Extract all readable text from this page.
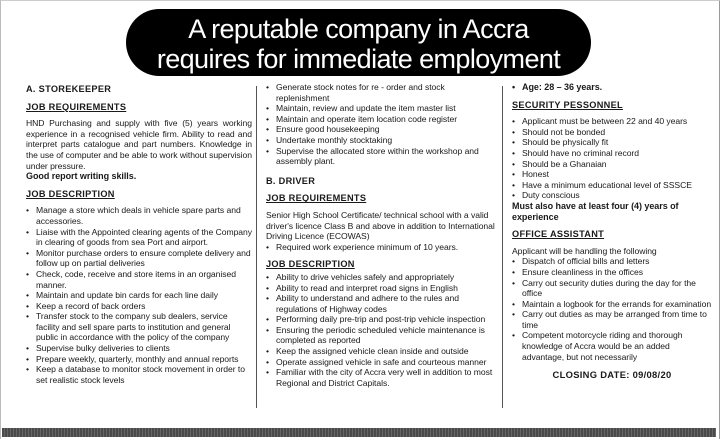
A reputable company in Accra
requires for immediate employment
A. STOREKEEPER
JOB REQUIREMENTS

HND Purchasing and supply with five (5) years working experience in a recognised vehicle firm. Ability to read and interpret parts catalogue and part numbers. Knowledge in the use of computer and be able to work without supervision under pressure.

Good report writing skills.

JOB DESCRIPTION
• Manage a store which deals in vehicle spare parts and accessories.
• Liaise with the Appointed clearing agents of the Company in clearing of goods from sea Port and airport.
• Monitor purchase orders to ensure complete delivery and follow up on partial deliveries
• Check, code, receive and store items in an organised manner.
• Maintain and update bin cards for each line daily
• Keep a record of back orders
• Transfer stock to the company sub dealers, service facility and sell spare parts to institution and general public in accordance with the policy of the company
• Supervise bulky deliveries to clients
• Prepare weekly, quarterly, monthly and annual reports
• Keep a database to monitor stock movement in order to set realistic stock levels
• Generate stock notes for re - order and stock replenishment
• Maintain, review and update the item master list
• Maintain and operate item location code register
• Ensure good housekeeping
• Undertake monthly stocktaking
• Supervise the allocated store within the workshop and assembly plant.
B. DRIVER
JOB REQUIREMENTS

Senior High School Certificate/ technical school with a valid driver's licence Class B and above in addition to International Driving Licence (ECOWAS)

• Required work experience minimum of 10 years.
JOB DESCRIPTION
• Ability to drive vehicles safely and appropriately
• Ability to read and interpret road signs in English
• Ability to understand and adhere to the rules and regulations of Highway codes
• Performing daily pre-trip and post-trip vehicle inspection
• Ensuring the periodic scheduled vehicle maintenance is completed as reported
• Keep the assigned vehicle clean inside and outside
• Operate assigned vehicle in safe and courteous manner
• Familiar with the city of Accra very well in addition to most Regional and District Capitals.
• Age: 28 – 36 years.
SECURITY PESSONNEL
• Applicant must be between 22 and 40 years
• Should not be bonded
• Should be physically fit
• Should have no criminal record
• Should be a Ghanaian
• Honest
• Have a minimum educational level of SSSCE
• Duty conscious

Must also have at least four (4) years of experience

OFFICE ASSISTANT

Applicant will be handling the following

• Dispatch of official bills and letters
• Ensure cleanliness in the offices
• Carry out security duties during the day for the office
• Maintain a logbook for the errands for examination
• Carry out duties as may be arranged from time to time
• Competent motorcycle riding and thorough knowledge of Accra would be an added advantage, but not necessarily
CLOSING DATE: 09/08/20
